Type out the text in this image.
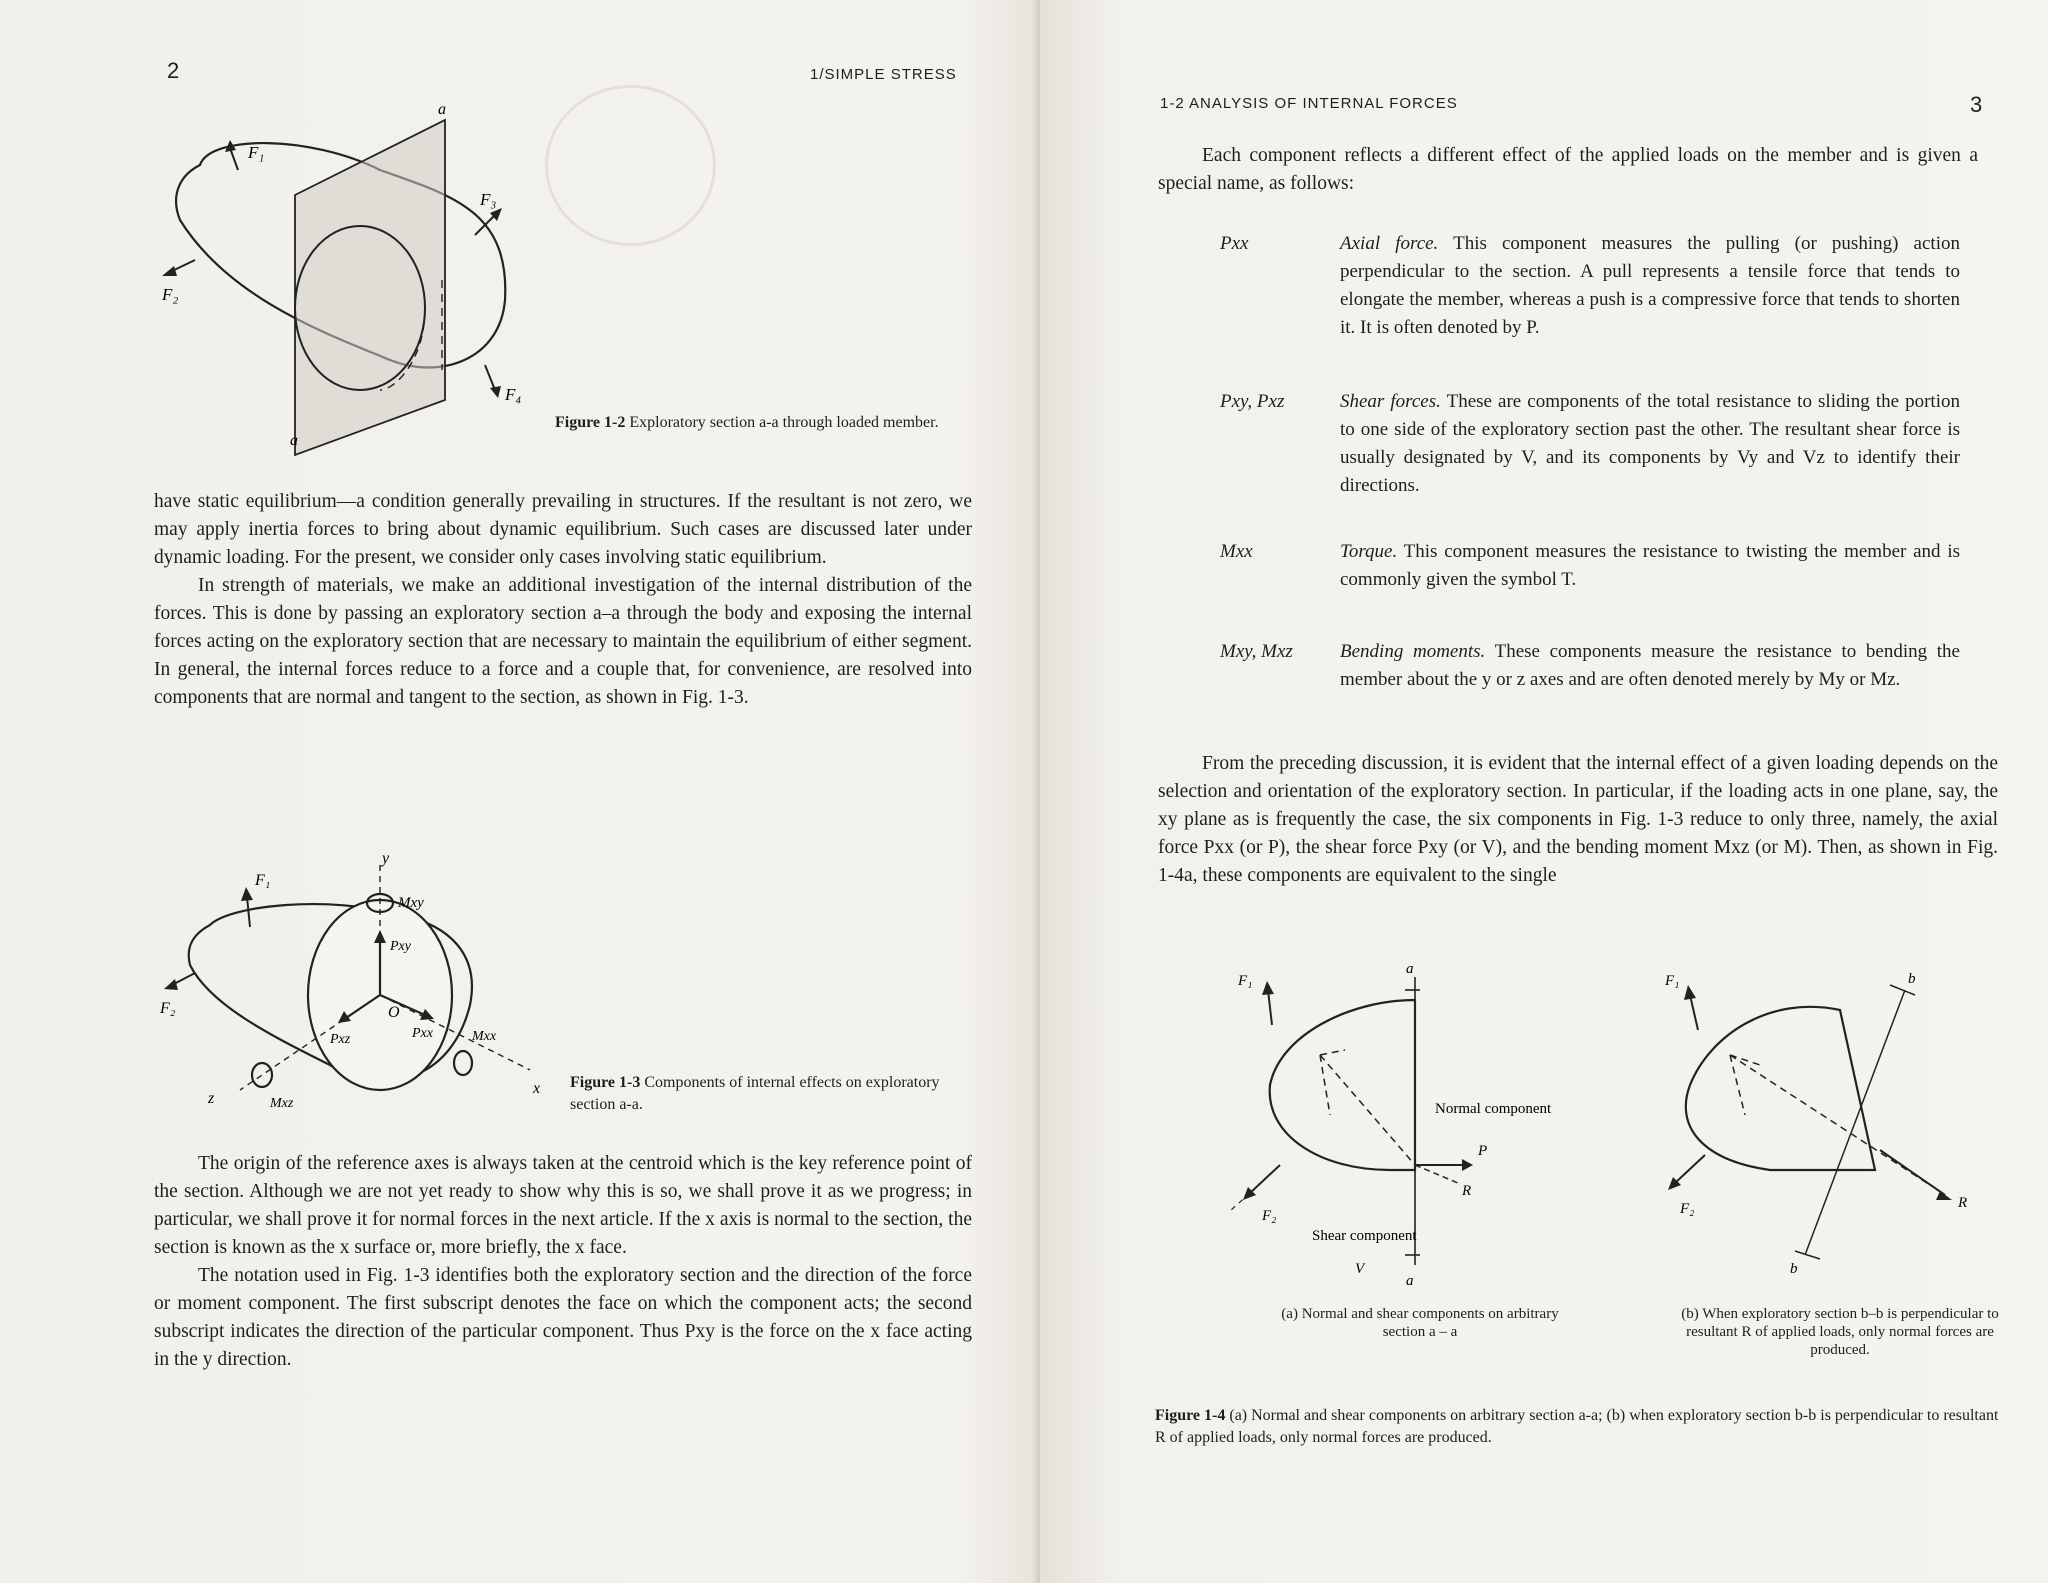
2	1/SIMPLE STRESS
F₁
F₂
F₃
F₄
a
a
Figure 1-2 Exploratory section a-a through loaded member.

have static equilibrium—a condition generally prevailing in structures. If the resultant is not zero, we may apply inertia forces to bring about dynamic equilibrium. Such cases are discussed later under dynamic loading. For the present, we consider only cases involving static equilibrium.

In strength of materials, we make an additional investigation of the internal distribution of the forces. This is done by passing an exploratory section a–a through the body and exposing the internal forces acting on the exploratory section that are necessary to maintain the equilibrium of either segment. In general, the internal forces reduce to a force and a couple that, for convenience, are resolved into components that are normal and tangent to the section, as shown in Fig. 1-3.

y
z
x
O
F₁
F₂
Mxy
Pxy
Pxz	Pxx	Mxx
Mxz
Figure 1-3 Components of internal effects on exploratory section a-a.

The origin of the reference axes is always taken at the centroid which is the key reference point of the section. Although we are not yet ready to show why this is so, we shall prove it as we progress; in particular, we shall prove it for normal forces in the next article. If the x axis is normal to the section, the section is known as the x surface or, more briefly, the x face.

The notation used in Fig. 1-3 identifies both the exploratory section and the direction of the force or moment component. The first subscript denotes the face on which the component acts; the second subscript indicates the direction of the particular component. Thus Pxy is the force on the x face acting in the y direction.

1-2 ANALYSIS OF INTERNAL FORCES	3

Each component reflects a different effect of the applied loads on the member and is given a special name, as follows:

Pxx	Axial force. This component measures the pulling (or pushing) action perpendicular to the section. A pull represents a tensile force that tends to elongate the member, whereas a push is a compressive force that tends to shorten it. It is often denoted by P.
Pxy, Pxz	Shear forces. These are components of the total resistance to sliding the portion to one side of the exploratory section past the other. The resultant shear force is usually designated by V, and its components by Vy and Vz to identify their directions.
Mxx	Torque. This component measures the resistance to twisting the member and is commonly given the symbol T.
Mxy, Mxz	Bending moments. These components measure the resistance to bending the member about the y or z axes and are often denoted merely by My or Mz.

From the preceding discussion, it is evident that the internal effect of a given loading depends on the selection and orientation of the exploratory section. In particular, if the loading acts in one plane, say, the xy plane as is frequently the case, the six components in Fig. 1-3 reduce to only three, namely, the axial force Pxx (or P), the shear force Pxy (or V), and the bending moment Mxz (or M). Then, as shown in Fig. 1-4a, these components are equivalent to the single

a
a
F₁
F₂
Normal component
P
R
Shear component
V
b
b
F₁
F₂	R
(a) Normal and shear components on arbitrary section a – a
(b) When exploratory section b–b is perpendicular to resultant R of applied loads, only normal forces are produced.
Figure 1-4 (a) Normal and shear components on arbitrary section a-a; (b) when exploratory section b-b is perpendicular to resultant R of applied loads, only normal forces are produced.
